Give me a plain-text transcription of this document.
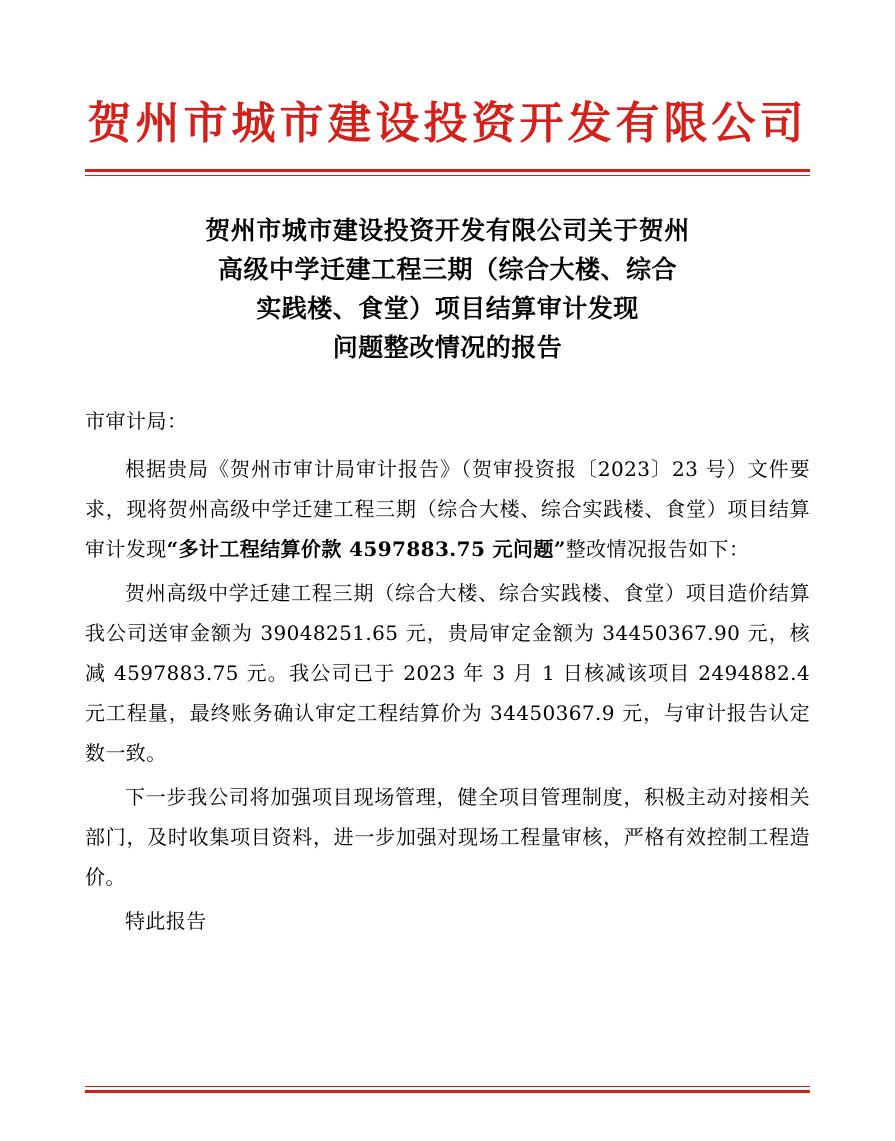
贺州市城市建设投资开发有限公司
贺州市城市建设投资开发有限公司关于贺州
高级中学迁建工程三期（综合大楼、综合
实践楼、食堂）项目结算审计发现
问题整改情况的报告
市审计局：

根据贵局《贺州市审计局审计报告》（贺审投资报〔2023〕23 号）文件要求，现将贺州高级中学迁建工程三期（综合大楼、综合实践楼、食堂）项目结算审计发现“多计工程结算价款 4597883.75 元问题”整改情况报告如下：

贺州高级中学迁建工程三期（综合大楼、综合实践楼、食堂）项目造价结算我公司送审金额为 39048251.65 元，贵局审定金额为 34450367.90 元，核减 4597883.75 元。我公司已于 2023 年 3 月 1 日核减该项目 2494882.4 元工程量，最终账务确认审定工程结算价为 34450367.9 元，与审计报告认定数一致。

下一步我公司将加强项目现场管理，健全项目管理制度，积极主动对接相关部门，及时收集项目资料，进一步加强对现场工程量审核，严格有效控制工程造价。

特此报告
